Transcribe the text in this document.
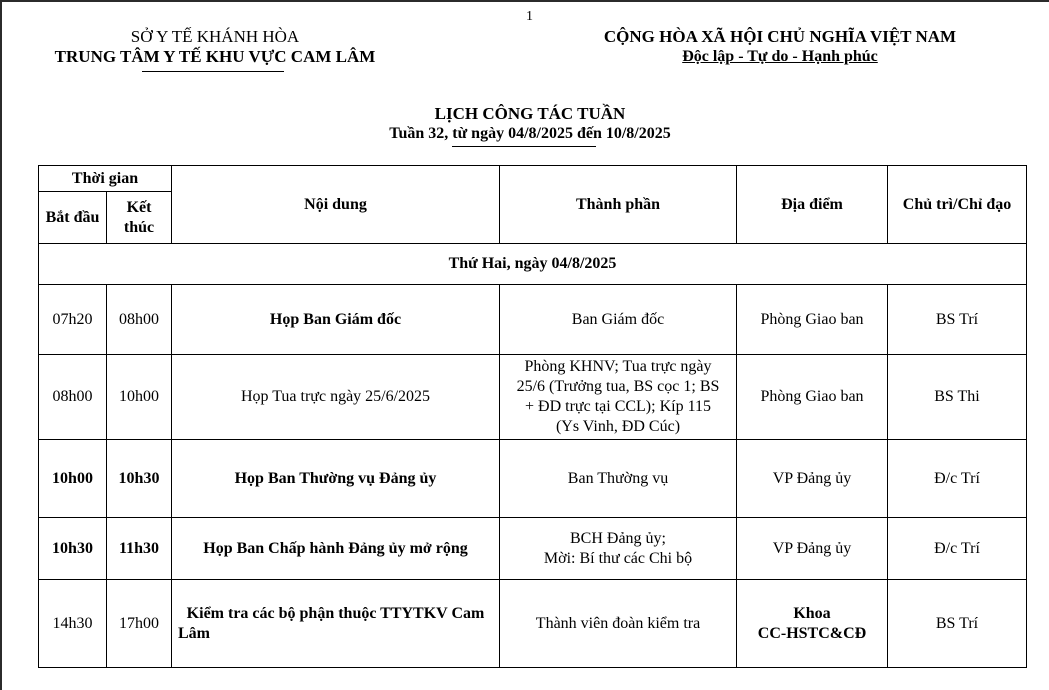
1
SỞ Y TẾ KHÁNH HÒA
TRUNG TÂM Y TẾ KHU VỰC CAM LÂM
CỘNG HÒA XÃ HỘI CHỦ NGHĨA VIỆT NAM
Độc lập - Tự do - Hạnh phúc
LỊCH CÔNG TÁC TUẦN
Tuần 32, từ ngày 04/8/2025 đến 10/8/2025
Thời gian		Nội dung	Thành phần	Địa điểm	Chủ trì/Chỉ đạo
Bắt đầu	Kết thúc				
Thứ Hai, ngày 04/8/2025					
07h20	08h00	Họp Ban Giám đốc	Ban Giám đốc	Phòng Giao ban	BS Trí
08h00	10h00	Họp Tua trực ngày 25/6/2025	Phòng KHNV; Tua trực ngày 25/6 (Trưởng tua, BS cọc 1; BS + ĐD trực tại CCL); Kíp 115 (Ys Vinh, ĐD Cúc)	Phòng Giao ban	BS Thi
10h00	10h30	Họp Ban Thường vụ Đảng ủy	Ban Thường vụ	VP Đảng ủy	Đ/c Trí
10h30	11h30	Họp Ban Chấp hành Đảng ủy mở rộng	BCH Đảng ủy;
Mời: Bí thư các Chi bộ	VP Đảng ủy	Đ/c Trí
14h30	17h00	Kiểm tra các bộ phận thuộc TTYTKV Cam Lâm	Thành viên đoàn kiểm tra	Khoa
CC-HSTC&CĐ	BS Trí
